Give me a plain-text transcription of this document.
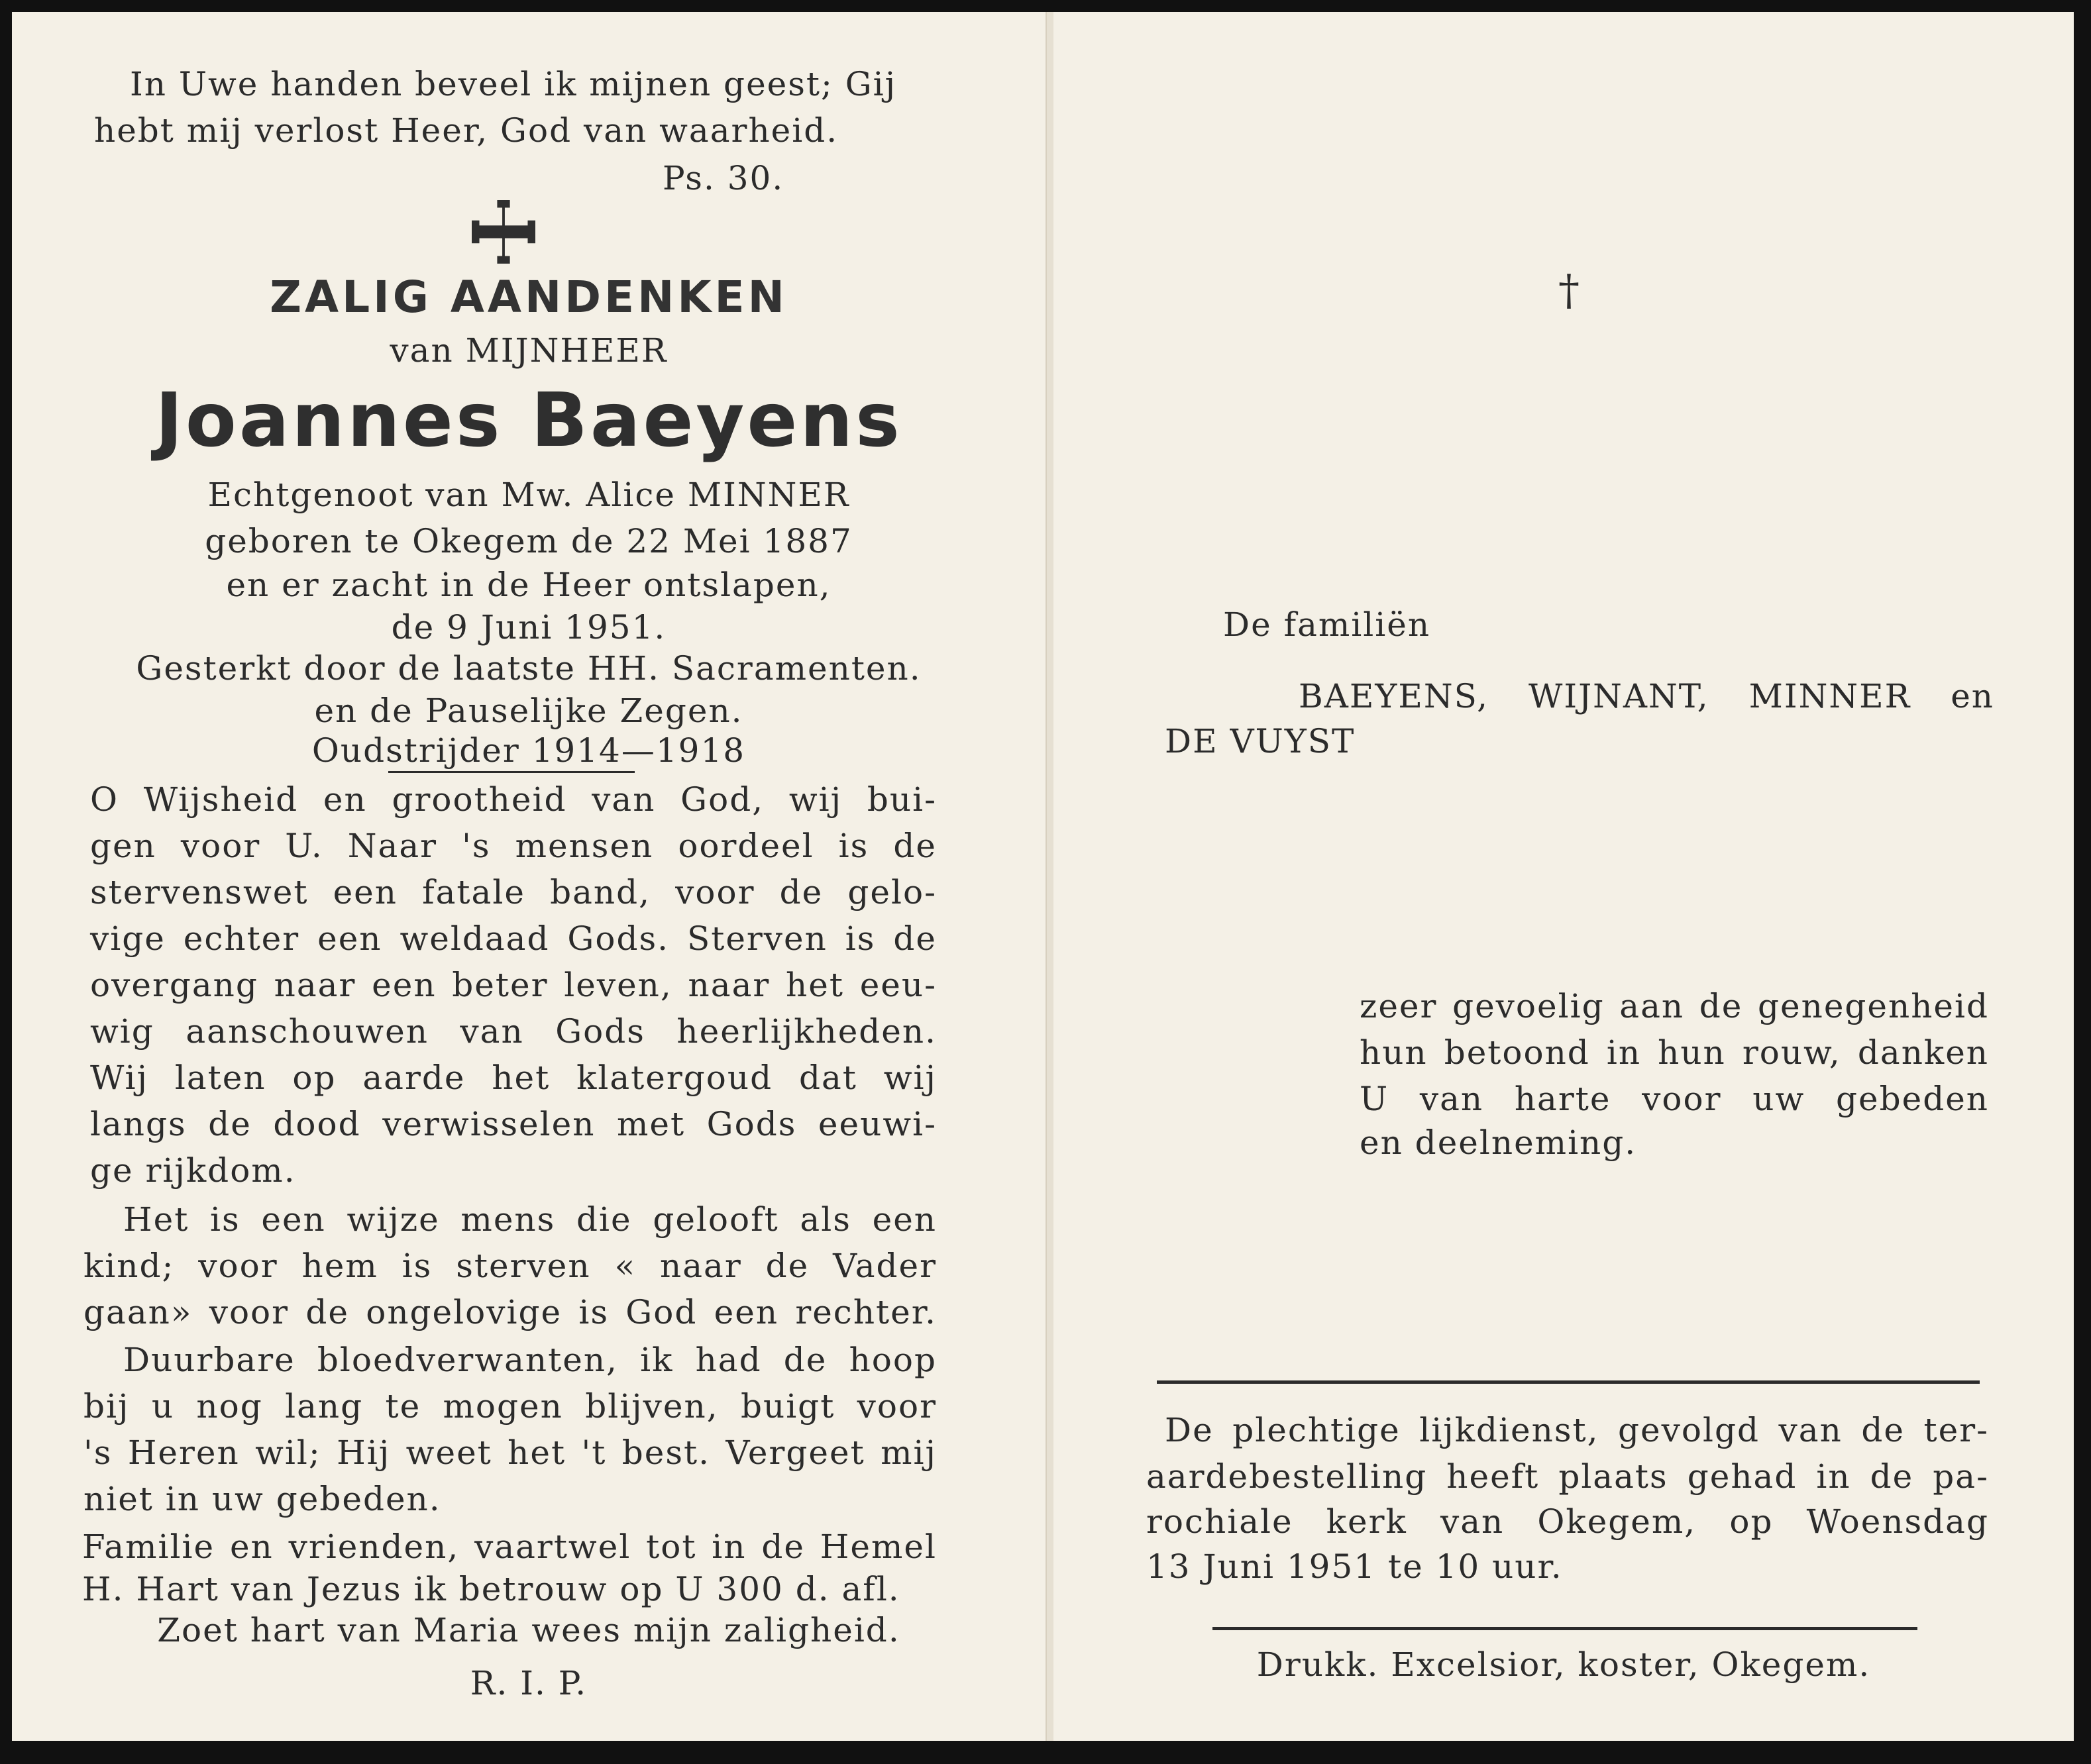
In Uwe handen beveel ik mijnen geest; Gij
hebt mij verlost Heer, God van waarheid.
Ps. 30.
ZALIG AANDENKEN
van MIJNHEER
Joannes Baeyens
Echtgenoot van Mw. Alice MINNER
geboren te Okegem de 22 Mei 1887
en er zacht in de Heer ontslapen,
de 9 Juni 1951.
Gesterkt door de laatste HH. Sacramenten.
en de Pauselijke Zegen.
Oudstrijder 1914—1918
O Wijsheid en grootheid van God, wij bui-
gen voor U. Naar 's mensen oordeel is de
stervenswet een fatale band, voor de gelo-
vige echter een weldaad Gods. Sterven is de
overgang naar een beter leven, naar het eeu-
wig aanschouwen van Gods heerlijkheden.
Wij laten op aarde het klatergoud dat wij
langs de dood verwisselen met Gods eeuwi-
ge rijkdom.
Het is een wijze mens die gelooft als een
kind; voor hem is sterven « naar de Vader
gaan» voor de ongelovige is God een rechter.
Duurbare bloedverwanten, ik had de hoop
bij u nog lang te mogen blijven, buigt voor
's Heren wil; Hij weet het 't best. Vergeet mij
niet in uw gebeden.
Familie en vrienden, vaartwel tot in de Hemel
H. Hart van Jezus ik betrouw op U 300 d. afl.
Zoet hart van Maria wees mijn zaligheid.
R. I. P.
†
De familiën
BAEYENS, WIJNANT, MINNER en
DE VUYST
zeer gevoelig aan de genegenheid
hun betoond in hun rouw, danken
U van harte voor uw gebeden
en deelneming.
De plechtige lijkdienst, gevolgd van de ter-
aardebestelling heeft plaats gehad in de pa-
rochiale kerk van Okegem, op Woensdag
13 Juni 1951 te 10 uur.
Drukk. Excelsior, koster, Okegem.
